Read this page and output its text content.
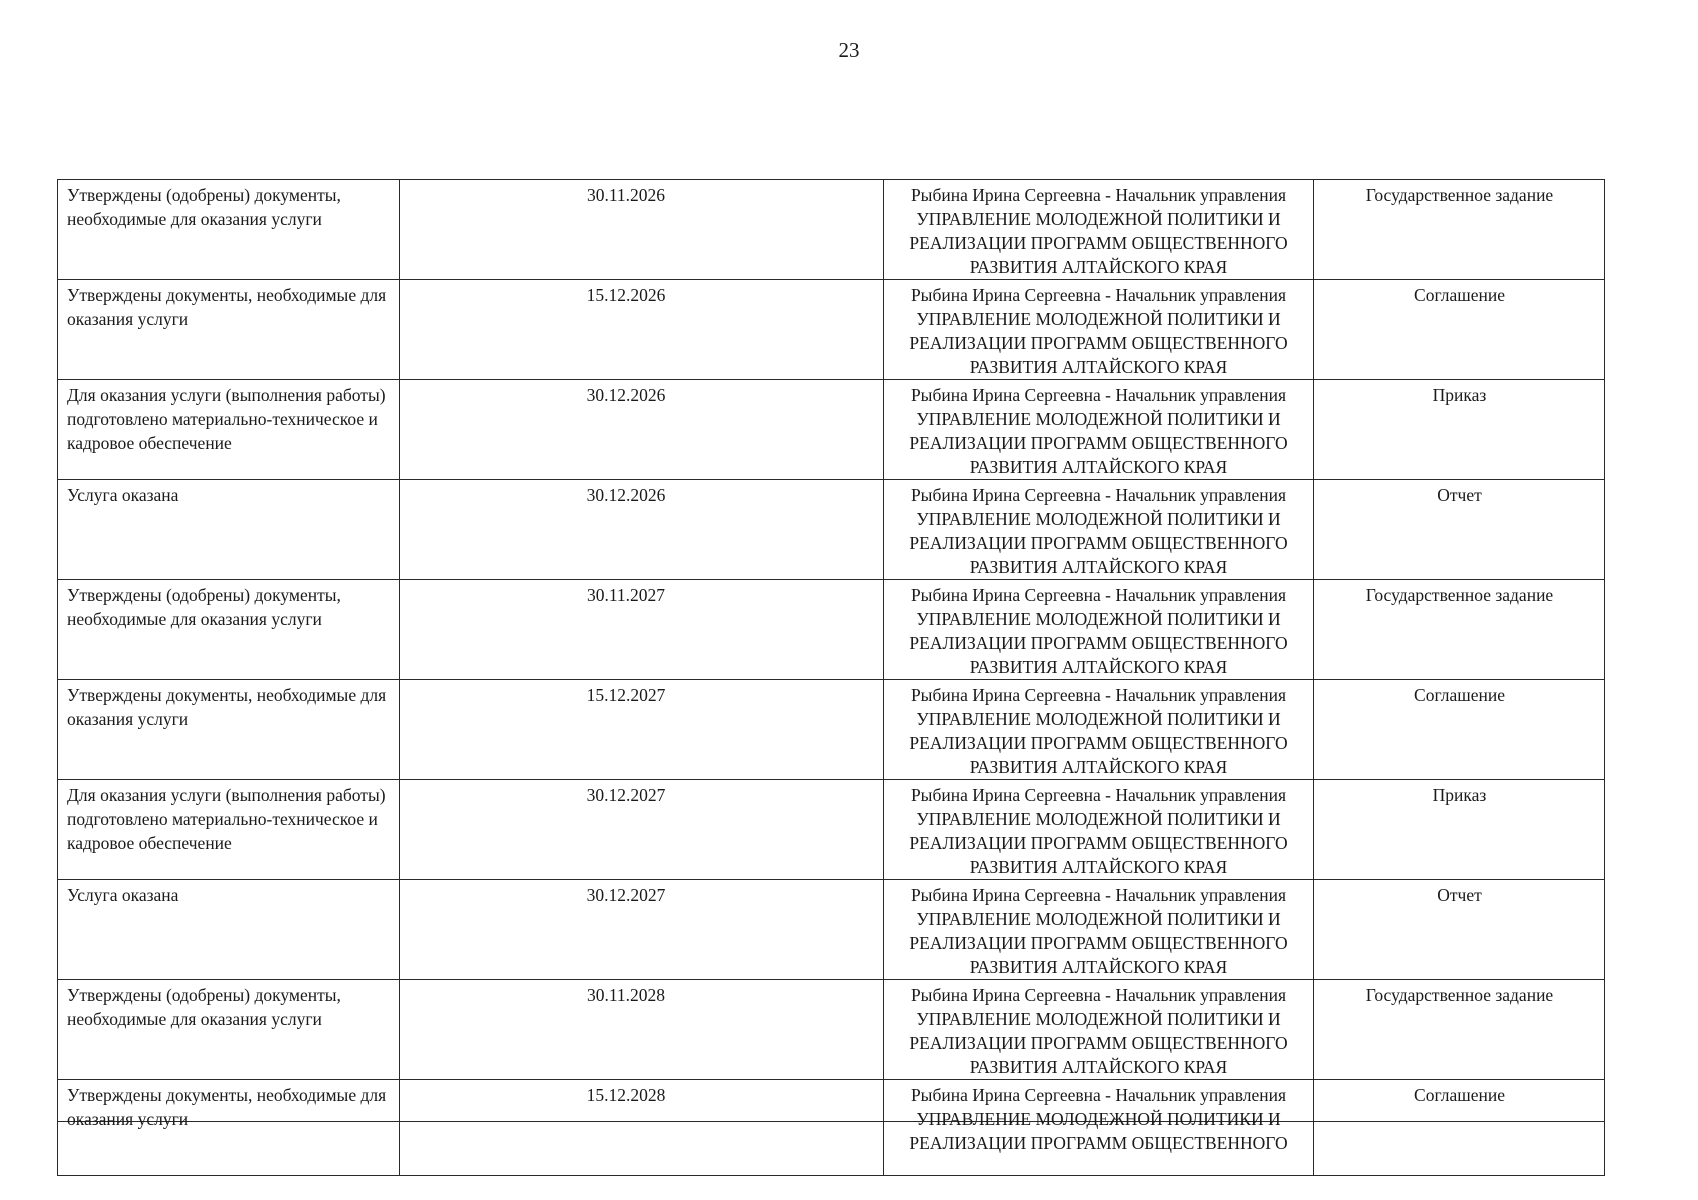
23
Утверждены (одобрены) документы, необходимые для оказания услуги	30.11.2026	Рыбина Ирина Сергеевна - Начальник управления
УПРАВЛЕНИЕ МОЛОДЕЖНОЙ ПОЛИТИКИ И
РЕАЛИЗАЦИИ ПРОГРАММ ОБЩЕСТВЕННОГО
РАЗВИТИЯ АЛТАЙСКОГО КРАЯ	Государственное задание
Утверждены документы, необходимые для оказания услуги	15.12.2026	Рыбина Ирина Сергеевна - Начальник управления
УПРАВЛЕНИЕ МОЛОДЕЖНОЙ ПОЛИТИКИ И
РЕАЛИЗАЦИИ ПРОГРАММ ОБЩЕСТВЕННОГО
РАЗВИТИЯ АЛТАЙСКОГО КРАЯ	Соглашение
Для оказания услуги (выполнения работы) подготовлено материально-техническое и кадровое обеспечение	30.12.2026	Рыбина Ирина Сергеевна - Начальник управления
УПРАВЛЕНИЕ МОЛОДЕЖНОЙ ПОЛИТИКИ И
РЕАЛИЗАЦИИ ПРОГРАММ ОБЩЕСТВЕННОГО
РАЗВИТИЯ АЛТАЙСКОГО КРАЯ	Приказ
Услуга оказана	30.12.2026	Рыбина Ирина Сергеевна - Начальник управления
УПРАВЛЕНИЕ МОЛОДЕЖНОЙ ПОЛИТИКИ И
РЕАЛИЗАЦИИ ПРОГРАММ ОБЩЕСТВЕННОГО
РАЗВИТИЯ АЛТАЙСКОГО КРАЯ	Отчет
Утверждены (одобрены) документы, необходимые для оказания услуги	30.11.2027	Рыбина Ирина Сергеевна - Начальник управления
УПРАВЛЕНИЕ МОЛОДЕЖНОЙ ПОЛИТИКИ И
РЕАЛИЗАЦИИ ПРОГРАММ ОБЩЕСТВЕННОГО
РАЗВИТИЯ АЛТАЙСКОГО КРАЯ	Государственное задание
Утверждены документы, необходимые для оказания услуги	15.12.2027	Рыбина Ирина Сергеевна - Начальник управления
УПРАВЛЕНИЕ МОЛОДЕЖНОЙ ПОЛИТИКИ И
РЕАЛИЗАЦИИ ПРОГРАММ ОБЩЕСТВЕННОГО
РАЗВИТИЯ АЛТАЙСКОГО КРАЯ	Соглашение
Для оказания услуги (выполнения работы) подготовлено материально-техническое и кадровое обеспечение	30.12.2027	Рыбина Ирина Сергеевна - Начальник управления
УПРАВЛЕНИЕ МОЛОДЕЖНОЙ ПОЛИТИКИ И
РЕАЛИЗАЦИИ ПРОГРАММ ОБЩЕСТВЕННОГО
РАЗВИТИЯ АЛТАЙСКОГО КРАЯ	Приказ
Услуга оказана	30.12.2027	Рыбина Ирина Сергеевна - Начальник управления
УПРАВЛЕНИЕ МОЛОДЕЖНОЙ ПОЛИТИКИ И
РЕАЛИЗАЦИИ ПРОГРАММ ОБЩЕСТВЕННОГО
РАЗВИТИЯ АЛТАЙСКОГО КРАЯ	Отчет
Утверждены (одобрены) документы, необходимые для оказания услуги	30.11.2028	Рыбина Ирина Сергеевна - Начальник управления
УПРАВЛЕНИЕ МОЛОДЕЖНОЙ ПОЛИТИКИ И
РЕАЛИЗАЦИИ ПРОГРАММ ОБЩЕСТВЕННОГО
РАЗВИТИЯ АЛТАЙСКОГО КРАЯ	Государственное задание
Утверждены документы, необходимые для оказания услуги	15.12.2028	Рыбина Ирина Сергеевна - Начальник управления
УПРАВЛЕНИЕ МОЛОДЕЖНОЙ ПОЛИТИКИ И
РЕАЛИЗАЦИИ ПРОГРАММ ОБЩЕСТВЕННОГО	Соглашение
